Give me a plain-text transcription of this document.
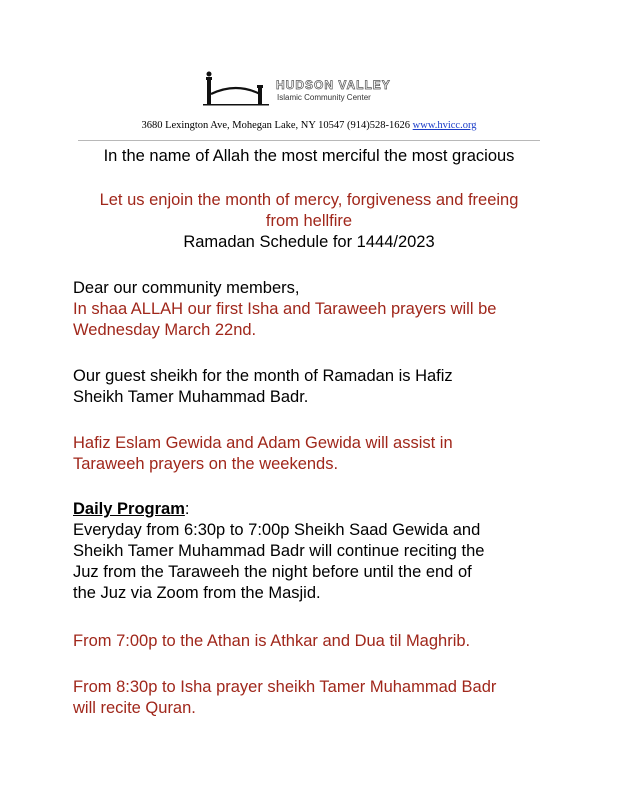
HUDSON VALLEY

Islamic Community Center

3680 Lexington Ave, Mohegan Lake, NY 10547 (914)528-1626 www.hvicc.org

In the name of Allah the most merciful the most gracious

Let us enjoin the month of mercy, forgiveness and freeing

from hellfire

Ramadan Schedule for 1444/2023

Dear our community members,

In shaa ALLAH our first Isha and Taraweeh prayers will be

Wednesday March 22nd.

Our guest sheikh for the month of Ramadan is Hafiz

Sheikh Tamer Muhammad Badr.

Hafiz Eslam Gewida and Adam Gewida will assist in

Taraweeh prayers on the weekends.

Daily Program:

Everyday from 6:30p to 7:00p Sheikh Saad Gewida and

Sheikh Tamer Muhammad Badr will continue reciting the

Juz from the Taraweeh the night before until the end of

the Juz via Zoom from the Masjid.

From 7:00p to the Athan is Athkar and Dua til Maghrib.

From 8:30p to Isha prayer sheikh Tamer Muhammad Badr

will recite Quran.
